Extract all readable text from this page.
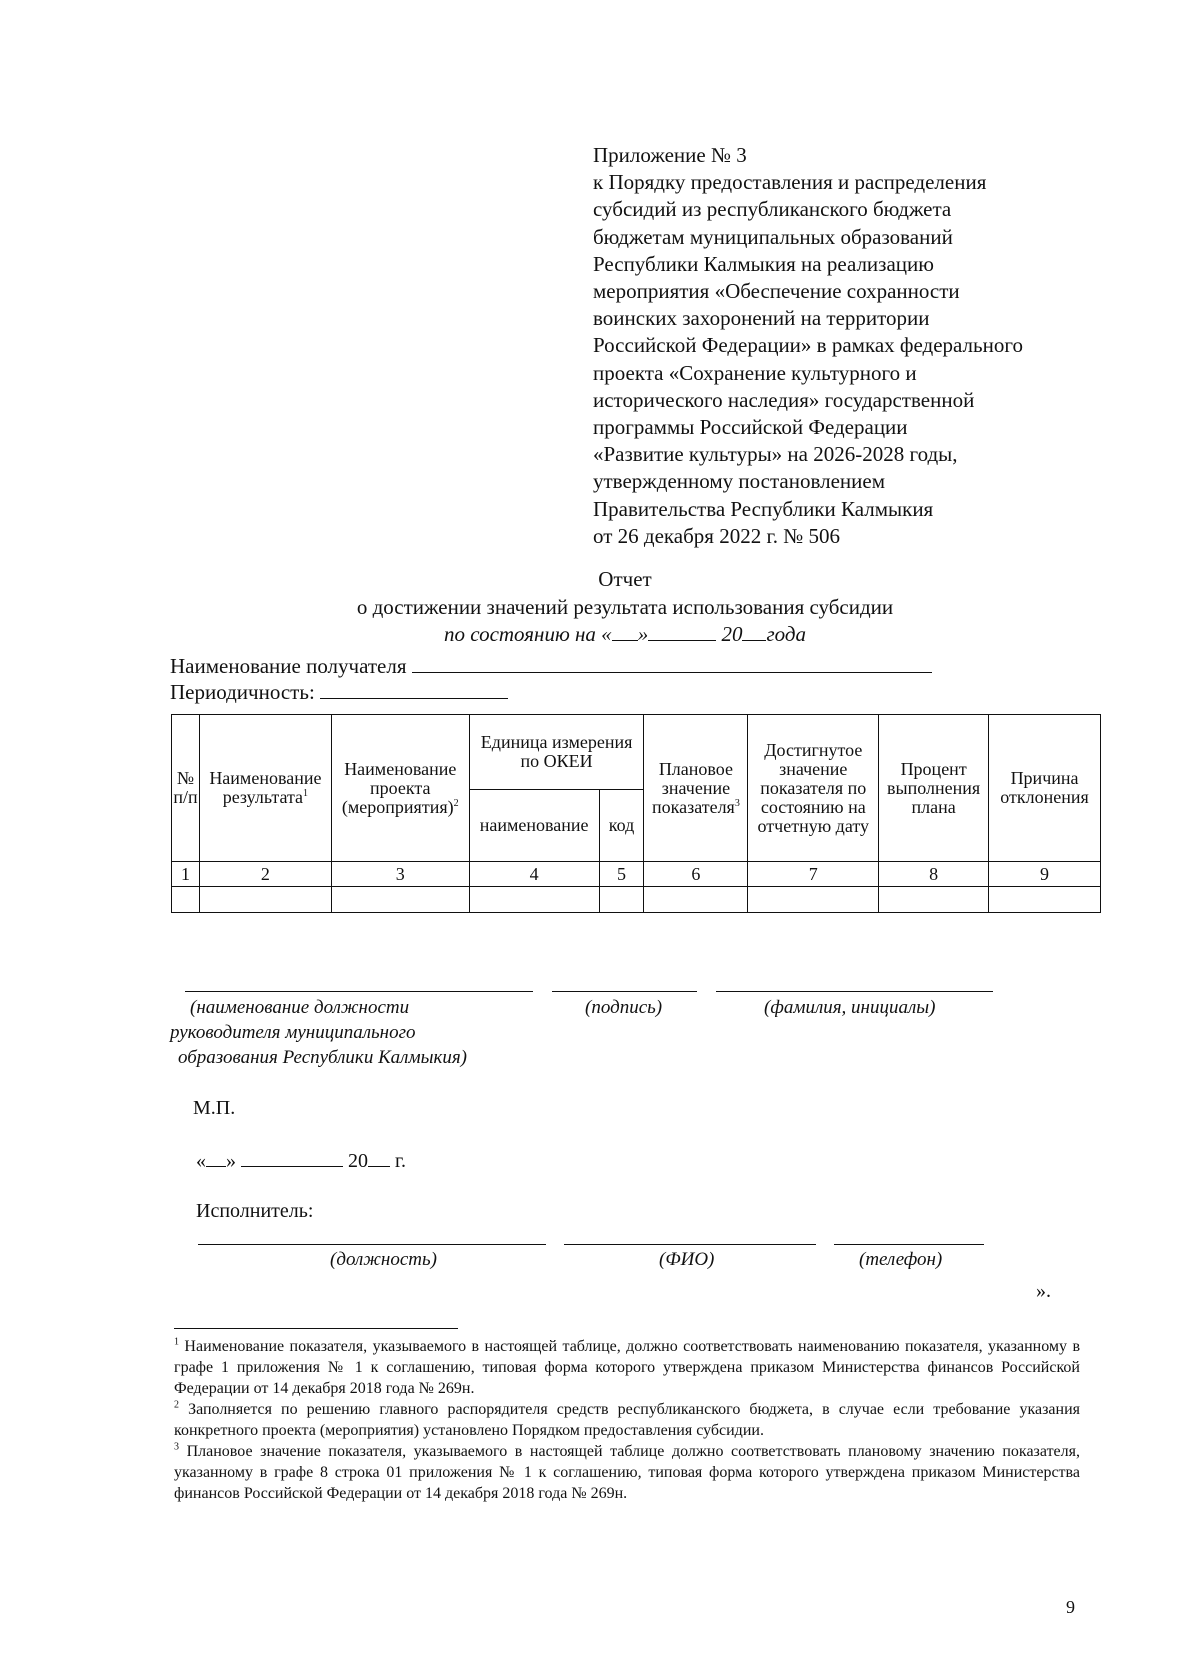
Приложение № 3
к Порядку предоставления и распределения
субсидий из республиканского бюджета
бюджетам муниципальных образований
Республики Калмыкия на реализацию
мероприятия «Обеспечение сохранности
воинских захоронений на территории
Российской Федерации» в рамках федерального
проекта «Сохранение культурного и
исторического наследия» государственной
программы Российской Федерации
«Развитие культуры» на 2026-2028 годы,
утвержденному постановлением
Правительства Республики Калмыкия
от 26 декабря 2022 г. № 506
Отчет
о достижении значений результата использования субсидии
по состоянию на « »	20 года
Наименование получателя
Периодичность:
№ п/п	Наименование результата$^1$	Наименование проекта (мероприятия)$^2$	Единица измерения по ОКЕИ		Плановое значение показателя$^3$	Достигнутое значение показателя по состоянию на отчетную дату	Процент выполнения плана	Причина отклонения
			наименование	код				
1	2	3	4	5	6	7	8	9

(наименование должности
руководителя муниципального
образования Республики Калмыкия)
(подпись)	(фамилия, инициалы)
М.П.
« »	20 г.
Исполнитель:
(должность)	(ФИО)	(телефон)
».

$^1$ Наименование показателя, указываемого в настоящей таблице, должно соответствовать наименованию показателя, указанному в графе 1 приложения № 1 к соглашению, типовая форма которого утверждена приказом Министерства финансов Российской Федерации от 14 декабря 2018 года № 269н.

$^2$ Заполняется по решению главного распорядителя средств республиканского бюджета, в случае если требование указания конкретного проекта (мероприятия) установлено Порядком предоставления субсидии.

$^3$ Плановое значение показателя, указываемого в настоящей таблице должно соответствовать плановому значению показателя, указанному в графе 8 строка 01 приложения № 1 к соглашению, типовая форма которого утверждена приказом Министерства финансов Российской Федерации от 14 декабря 2018 года № 269н.

9
